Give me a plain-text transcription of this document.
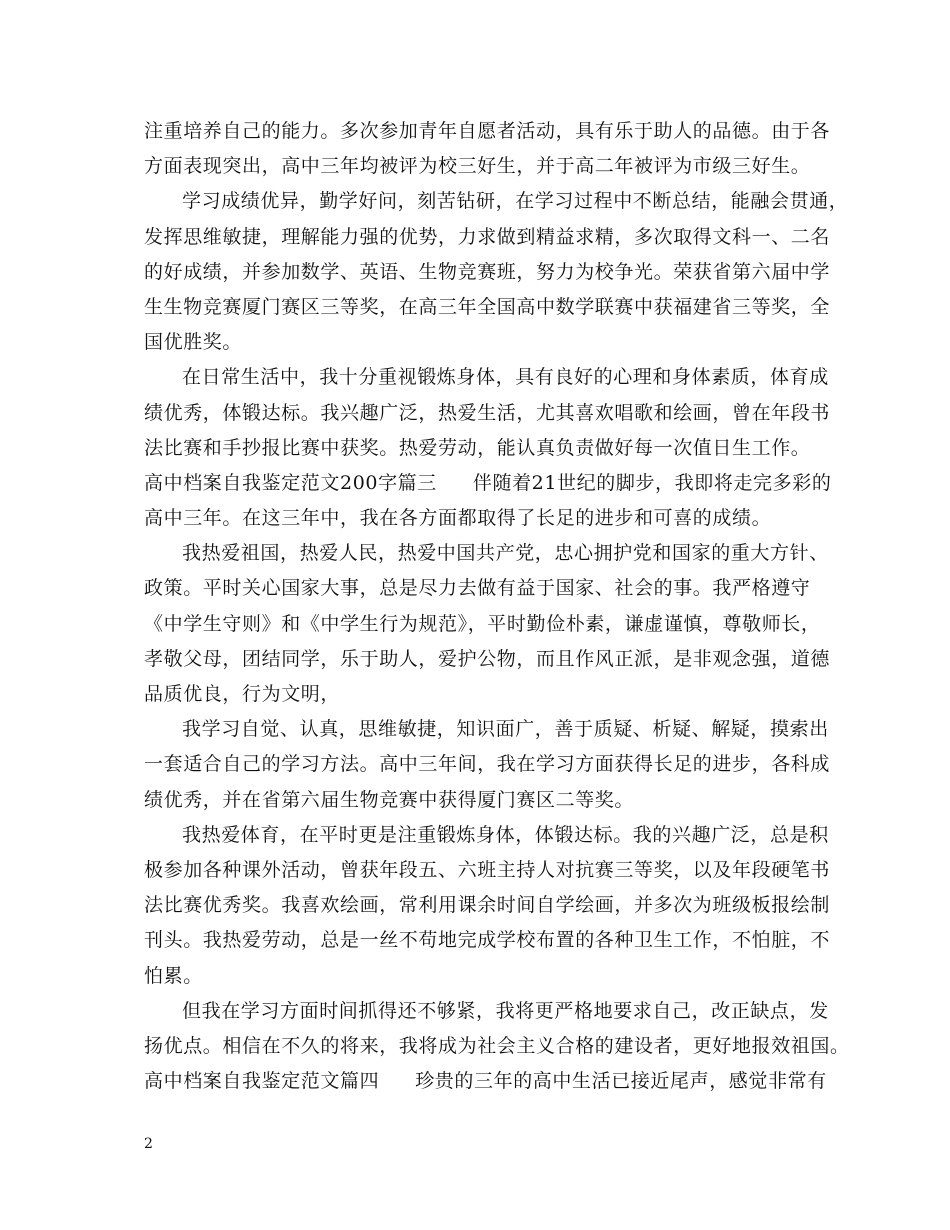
注重培养自己的能力。多次参加青年自愿者活动，具有乐于助人的品德。由于各
方面表现突出，高中三年均被评为校三好生，并于高二年被评为市级三好生。
学习成绩优异，勤学好问，刻苦钻研，在学习过程中不断总结，能融会贯通，
发挥思维敏捷，理解能力强的优势，力求做到精益求精，多次取得文科一、二名
的好成绩，并参加数学、英语、生物竞赛班，努力为校争光。荣获省第六届中学
生生物竞赛厦门赛区三等奖，在高三年全国高中数学联赛中获福建省三等奖，全
国优胜奖。
在日常生活中，我十分重视锻炼身体，具有良好的心理和身体素质，体育成
绩优秀，体锻达标。我兴趣广泛，热爱生活，尤其喜欢唱歌和绘画，曾在年段书
法比赛和手抄报比赛中获奖。热爱劳动，能认真负责做好每一次值日生工作。
高中档案自我鉴定范文200字篇三 伴随着21世纪的脚步，我即将走完多彩的
高中三年。在这三年中，我在各方面都取得了长足的进步和可喜的成绩。
我热爱祖国，热爱人民，热爱中国共产党，忠心拥护党和国家的重大方针、
政策。平时关心国家大事，总是尽力去做有益于国家、社会的事。我严格遵守
《中学生守则》和《中学生行为规范》，平时勤俭朴素，谦虚谨慎，尊敬师长，
孝敬父母，团结同学，乐于助人，爱护公物，而且作风正派，是非观念强，道德
品质优良，行为文明，
我学习自觉、认真，思维敏捷，知识面广，善于质疑、析疑、解疑，摸索出
一套适合自己的学习方法。高中三年间，我在学习方面获得长足的进步，各科成
绩优秀，并在省第六届生物竞赛中获得厦门赛区二等奖。
我热爱体育，在平时更是注重锻炼身体，体锻达标。我的兴趣广泛，总是积
极参加各种课外活动，曾获年段五、六班主持人对抗赛三等奖，以及年段硬笔书
法比赛优秀奖。我喜欢绘画，常利用课余时间自学绘画，并多次为班级板报绘制
刊头。我热爱劳动，总是一丝不苟地完成学校布置的各种卫生工作，不怕脏，不
怕累。
但我在学习方面时间抓得还不够紧，我将更严格地要求自己，改正缺点，发
扬优点。相信在不久的将来，我将成为社会主义合格的建设者，更好地报效祖国。
高中档案自我鉴定范文篇四 珍贵的三年的高中生活已接近尾声，感觉非常有
2
